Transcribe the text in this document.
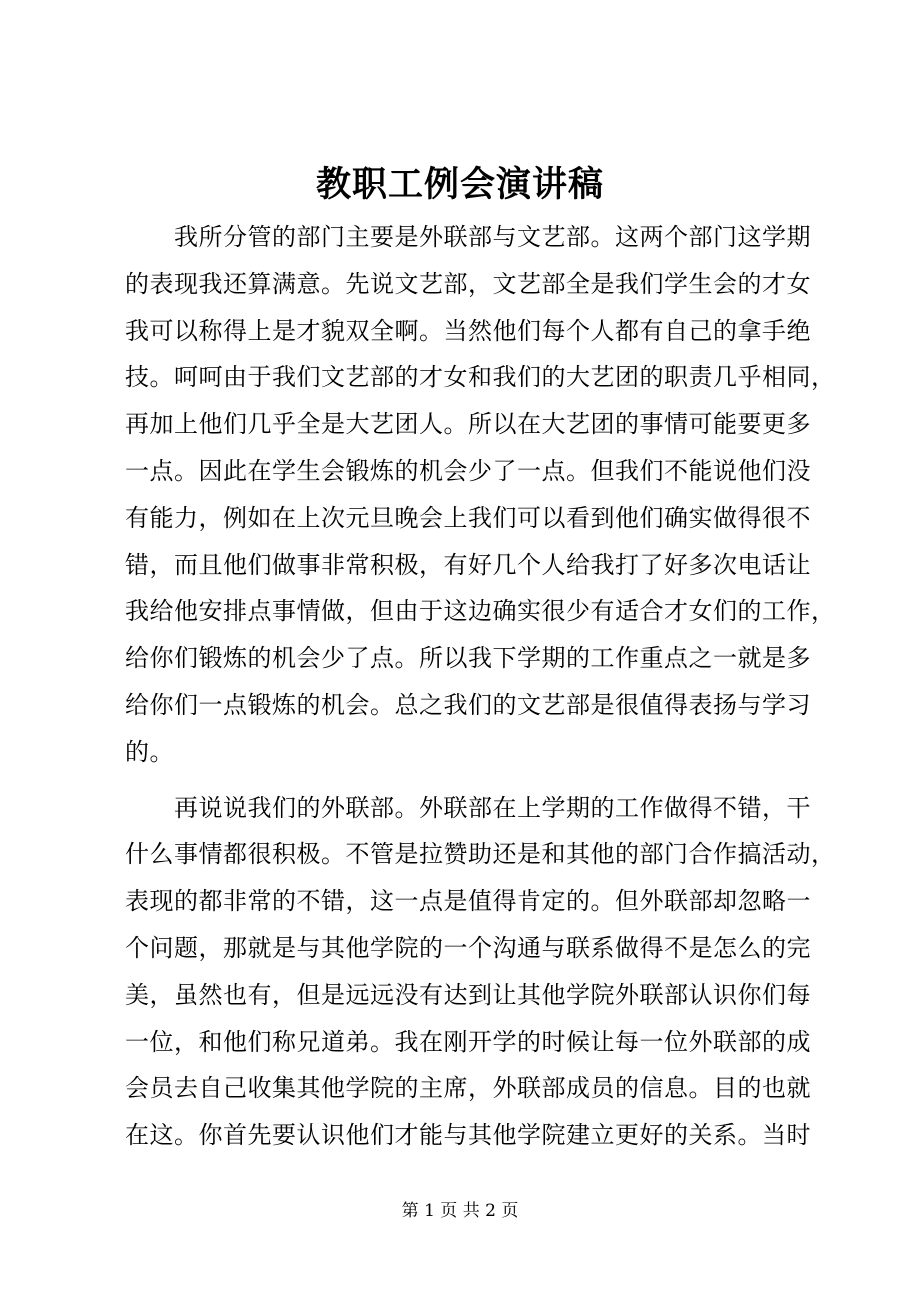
教职工例会演讲稿
我所分管的部门主要是外联部与文艺部。这两个部门这学期
的表现我还算满意。先说文艺部，文艺部全是我们学生会的才女
我可以称得上是才貌双全啊。当然他们每个人都有自己的拿手绝
技。呵呵由于我们文艺部的才女和我们的大艺团的职责几乎相同，
再加上他们几乎全是大艺团人。所以在大艺团的事情可能要更多
一点。因此在学生会锻炼的机会少了一点。但我们不能说他们没
有能力，例如在上次元旦晚会上我们可以看到他们确实做得很不
错，而且他们做事非常积极，有好几个人给我打了好多次电话让
我给他安排点事情做，但由于这边确实很少有适合才女们的工作，
给你们锻炼的机会少了点。所以我下学期的工作重点之一就是多
给你们一点锻炼的机会。总之我们的文艺部是很值得表扬与学习
的。
再说说我们的外联部。外联部在上学期的工作做得不错，干
什么事情都很积极。不管是拉赞助还是和其他的部门合作搞活动，
表现的都非常的不错，这一点是值得肯定的。但外联部却忽略一
个问题，那就是与其他学院的一个沟通与联系做得不是怎么的完
美，虽然也有，但是远远没有达到让其他学院外联部认识你们每
一位，和他们称兄道弟。我在刚开学的时候让每一位外联部的成
会员去自己收集其他学院的主席，外联部成员的信息。目的也就
在这。你首先要认识他们才能与其他学院建立更好的关系。当时
第 1 页 共 2 页
